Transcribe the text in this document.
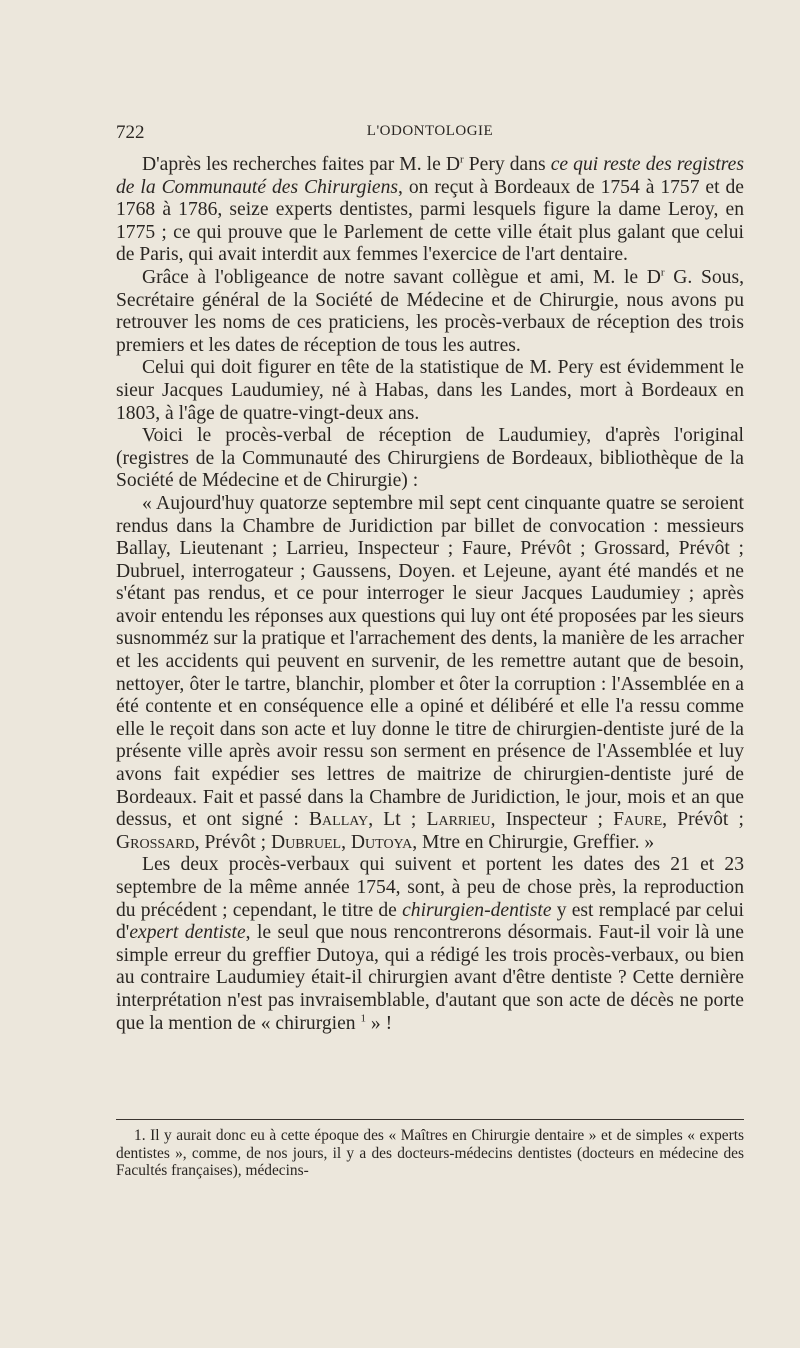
722	L'ODONTOLOGIE

D'après les recherches faites par M. le $D^r$ Pery dans ce qui reste des registres de la Communauté des Chirurgiens, on reçut à Bordeaux de 1754 à 1757 et de 1768 à 1786, seize experts dentistes, parmi lesquels figure la dame Leroy, en 1775 ; ce qui prouve que le Parlement de cette ville était plus galant que celui de Paris, qui avait interdit aux femmes l'exercice de l'art dentaire.

Grâce à l'obligeance de notre savant collègue et ami, M. le $D^r$ G. Sous, Secrétaire général de la Société de Médecine et de Chirurgie, nous avons pu retrouver les noms de ces praticiens, les procès-verbaux de réception des trois premiers et les dates de réception de tous les autres.

Celui qui doit figurer en tête de la statistique de M. Pery est évidemment le sieur Jacques Laudumiey, né à Habas, dans les Landes, mort à Bordeaux en 1803, à l'âge de quatre-vingt-deux ans.

Voici le procès-verbal de réception de Laudumiey, d'après l'original (registres de la Communauté des Chirurgiens de Bordeaux, bibliothèque de la Société de Médecine et de Chirurgie) :

« Aujourd'huy quatorze septembre mil sept cent cinquante quatre se seroient rendus dans la Chambre de Juridiction par billet de convocation : messieurs Ballay, Lieutenant ; Larrieu, Inspecteur ; Faure, Prévôt ; Grossard, Prévôt ; Dubruel, interrogateur ; Gaussens, Doyen. et Lejeune, ayant été mandés et ne s'étant pas rendus, et ce pour interroger le sieur Jacques Laudumiey ; après avoir entendu les réponses aux questions qui luy ont été proposées par les sieurs susnomméz sur la pratique et l'arrachement des dents, la manière de les arracher et les accidents qui peuvent en survenir, de les remettre autant que de besoin, nettoyer, ôter le tartre, blanchir, plomber et ôter la corruption : l'Assemblée en a été contente et en conséquence elle a opiné et délibéré et elle l'a ressu comme elle le reçoit dans son acte et luy donne le titre de chirurgien-dentiste juré de la présente ville après avoir ressu son serment en présence de l'Assemblée et luy avons fait expédier ses lettres de maitrize de chirurgien-dentiste juré de Bordeaux. Fait et passé dans la Chambre de Juridiction, le jour, mois et an que dessus, et ont signé : Ballay, Lt ; Larrieu, Inspecteur ; Faure, Prévôt ; Grossard, Prévôt ; Dubruel, Dutoya, Mtre en Chirurgie, Greffier. »

Les deux procès-verbaux qui suivent et portent les dates des 21 et 23 septembre de la même année 1754, sont, à peu de chose près, la reproduction du précédent ; cependant, le titre de chirurgien-dentiste y est remplacé par celui d'expert dentiste, le seul que nous rencontrerons désormais. Faut-il voir là une simple erreur du greffier Dutoya, qui a rédigé les trois procès-verbaux, ou bien au contraire Laudumiey était-il chirurgien avant d'être dentiste ? Cette dernière interprétation n'est pas invraisemblable, d'autant que son acte de décès ne porte que la mention de « chirurgien $^1$ » !

1. Il y aurait donc eu à cette époque des « Maîtres en Chirurgie dentaire » et de simples « experts dentistes », comme, de nos jours, il y a des docteurs-médecins dentistes (docteurs en médecine des Facultés françaises), médecins-
